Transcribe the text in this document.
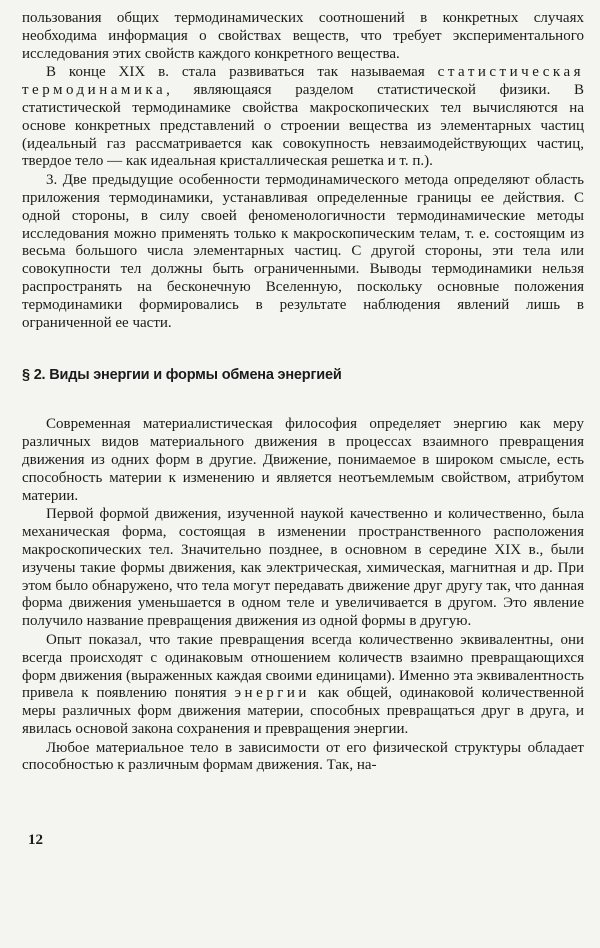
пользования общих термодинамических соотношений в конкретных случаях необходима информация о свойствах веществ, что требует экспериментального исследования этих свойств каждого конкретного вещества.

В конце XIX в. стала развиваться так называемая статистическая термодинамика, являющаяся разделом статистической физики. В статистической термодинамике свойства макроскопических тел вычисляются на основе конкретных представлений о строении вещества из элементарных частиц (идеальный газ рассматривается как совокупность невзаимодействующих частиц, твердое тело — как идеальная кристаллическая решетка и т. п.).

3. Две предыдущие особенности термодинамического метода определяют область приложения термодинамики, устанавливая определенные границы ее действия. С одной стороны, в силу своей феноменологичности термодинамические методы исследования можно применять только к макроскопическим телам, т. е. состоящим из весьма большого числа элементарных частиц. С другой стороны, эти тела или совокупности тел должны быть ограниченными. Выводы термодинамики нельзя распространять на бесконечную Вселенную, поскольку основные положения термодинамики формировались в результате наблюдения явлений лишь в ограниченной ее части.

§ 2. Виды энергии и формы обмена энергией

Современная материалистическая философия определяет энергию как меру различных видов материального движения в процессах взаимного превращения движения из одних форм в другие. Движение, понимаемое в широком смысле, есть способность материи к изменению и является неотъемлемым свойством, атрибутом материи.

Первой формой движения, изученной наукой качественно и количественно, была механическая форма, состоящая в изменении пространственного расположения макроскопических тел. Значительно позднее, в основном в середине XIX в., были изучены такие формы движения, как электрическая, химическая, магнитная и др. При этом было обнаружено, что тела могут передавать движение друг другу так, что данная форма движения уменьшается в одном теле и увеличивается в другом. Это явление получило название превращения движения из одной формы в другую.

Опыт показал, что такие превращения всегда количественно эквивалентны, они всегда происходят с одинаковым отношением количеств взаимно превращающихся форм движения (выраженных каждая своими единицами). Именно эта эквивалентность привела к появлению понятия энергии как общей, одинаковой количественной меры различных форм движения материи, способных превращаться друг в друга, и явилась основой закона сохранения и превращения энергии.

Любое материальное тело в зависимости от его физической структуры обладает способностью к различным формам движения. Так, на-

12
